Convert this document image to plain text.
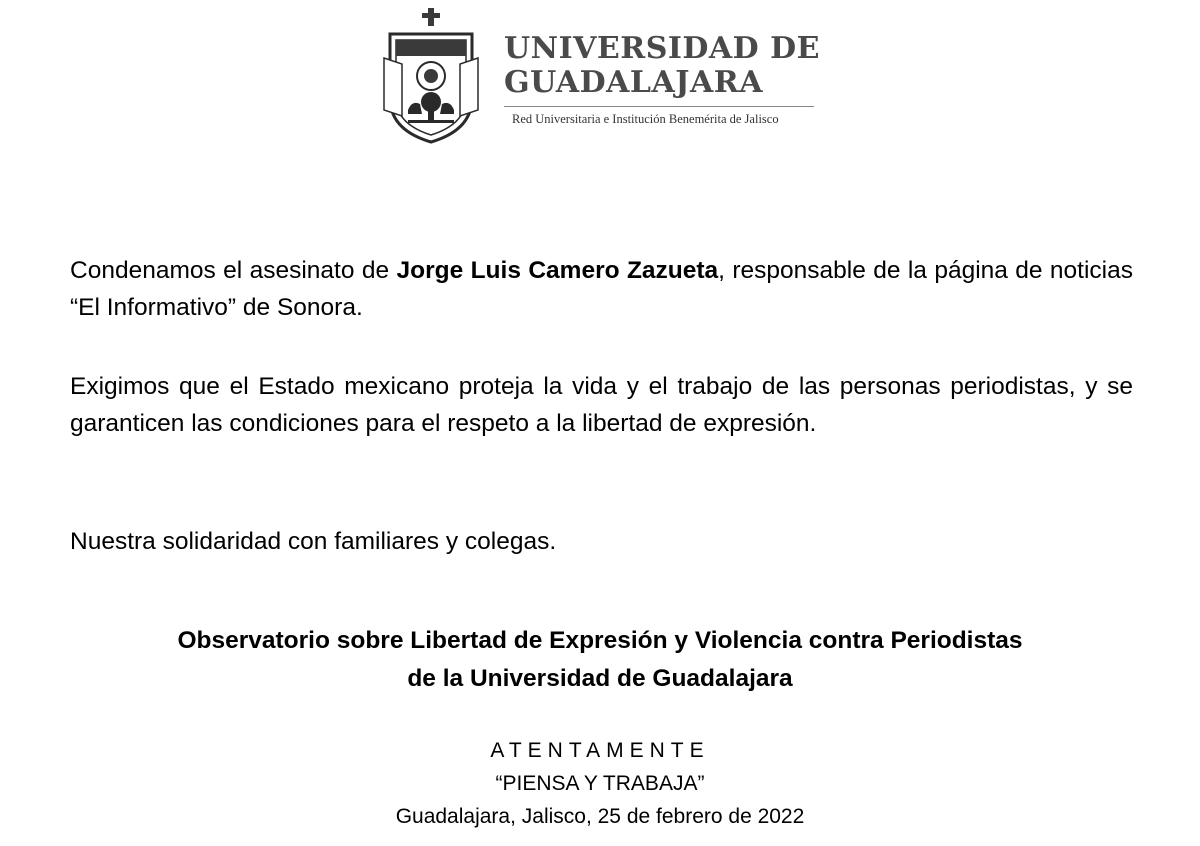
UNIVERSIDAD DE
GUADALAJARA
Red Universitaria e Institución Benemérita de Jalisco
Condenamos el asesinato de Jorge Luis Camero Zazueta, responsable de la página de noticias “El Informativo” de Sonora.
Exigimos que el Estado mexicano proteja la vida y el trabajo de las personas periodistas, y se garanticen las condiciones para el respeto a la libertad de expresión.
Nuestra solidaridad con familiares y colegas.
Observatorio sobre Libertad de Expresión y Violencia contra Periodistas
de la Universidad de Guadalajara
ATENTAMENTE
“PIENSA Y TRABAJA”
Guadalajara, Jalisco, 25 de febrero de 2022
